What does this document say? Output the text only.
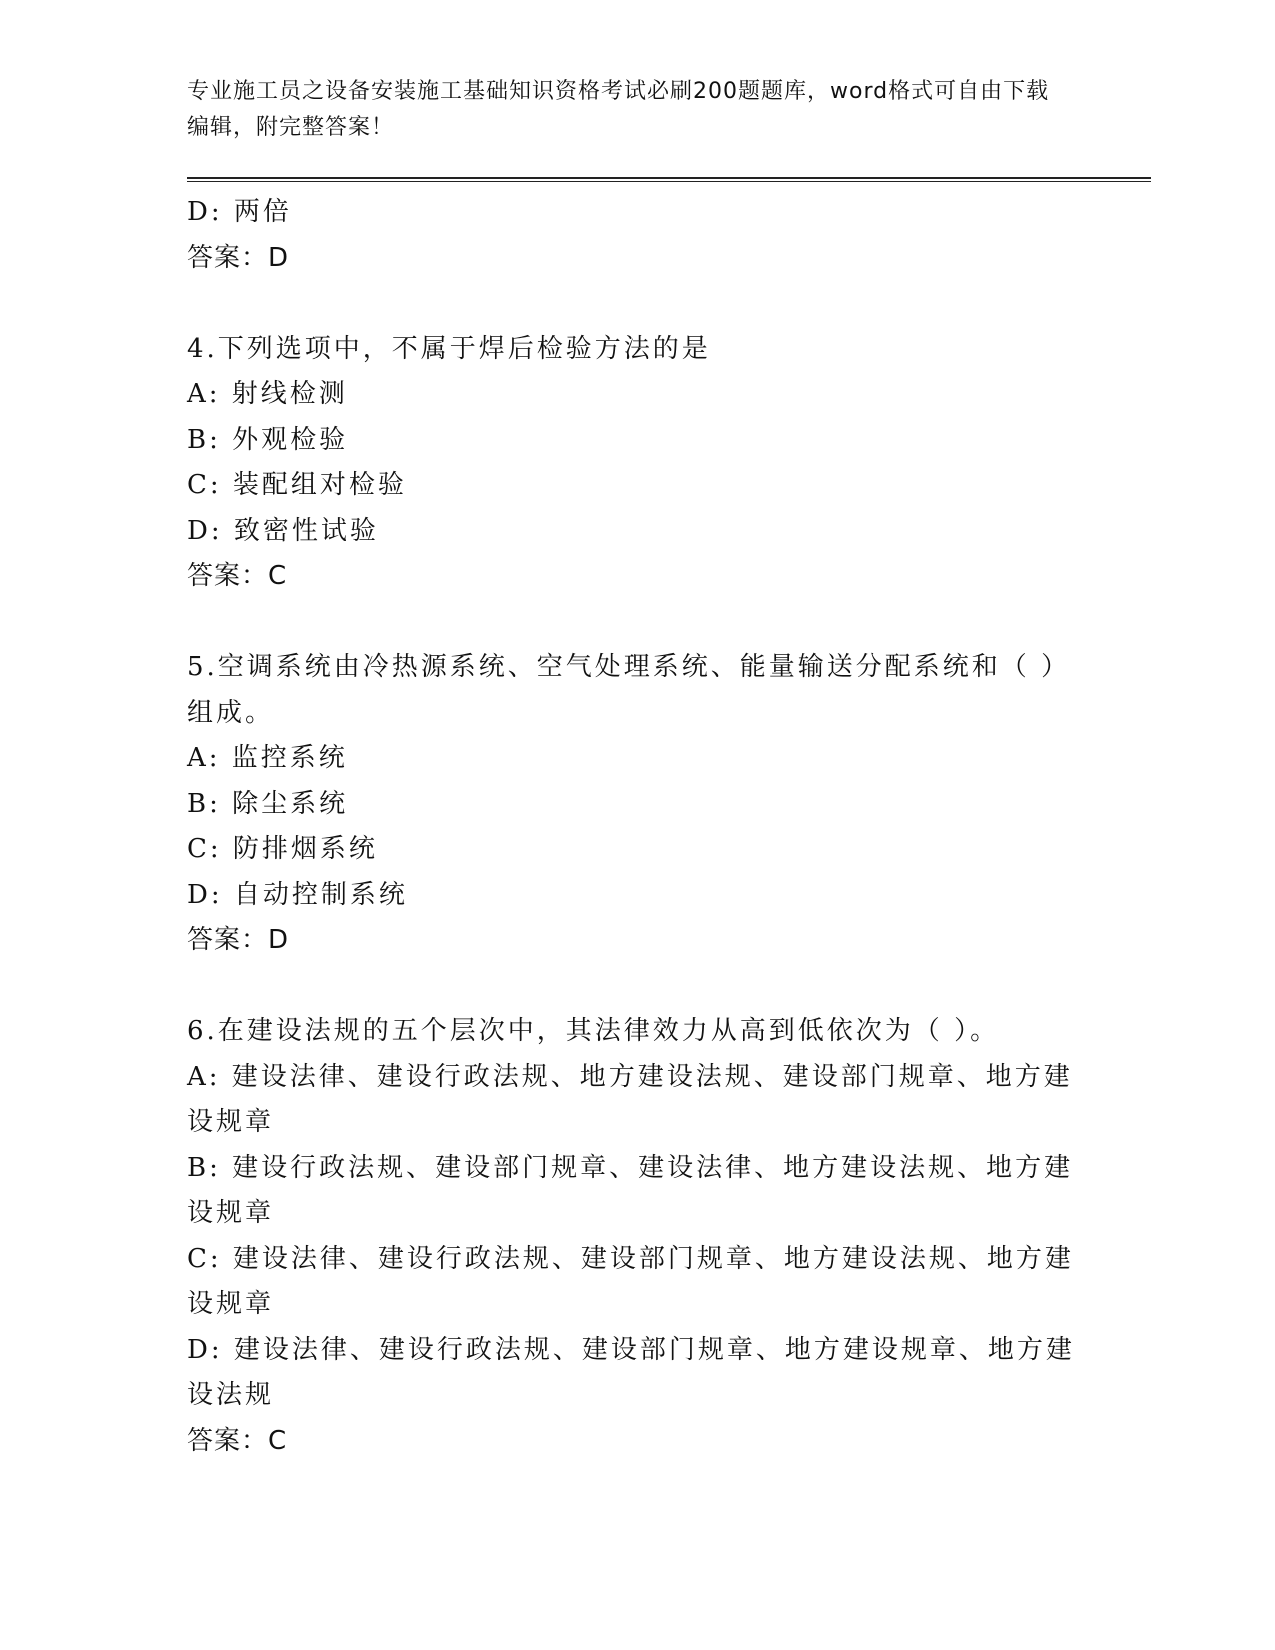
专业施工员之设备安装施工基础知识资格考试必刷200题题库，word格式可自由下载编辑，附完整答案！
D: 两倍
答案：D
4.下列选项中，不属于焊后检验方法的是
A: 射线检测
B: 外观检验
C: 装配组对检验
D: 致密性试验
答案：C
5.空调系统由冷热源系统、空气处理系统、能量输送分配系统和（ ）
组成。
A: 监控系统
B: 除尘系统
C: 防排烟系统
D: 自动控制系统
答案：D
6.在建设法规的五个层次中，其法律效力从高到低依次为（ ）。
A: 建设法律、建设行政法规、地方建设法规、建设部门规章、地方建
设规章
B: 建设行政法规、建设部门规章、建设法律、地方建设法规、地方建
设规章
C: 建设法律、建设行政法规、建设部门规章、地方建设法规、地方建
设规章
D: 建设法律、建设行政法规、建设部门规章、地方建设规章、地方建
设法规
答案：C
